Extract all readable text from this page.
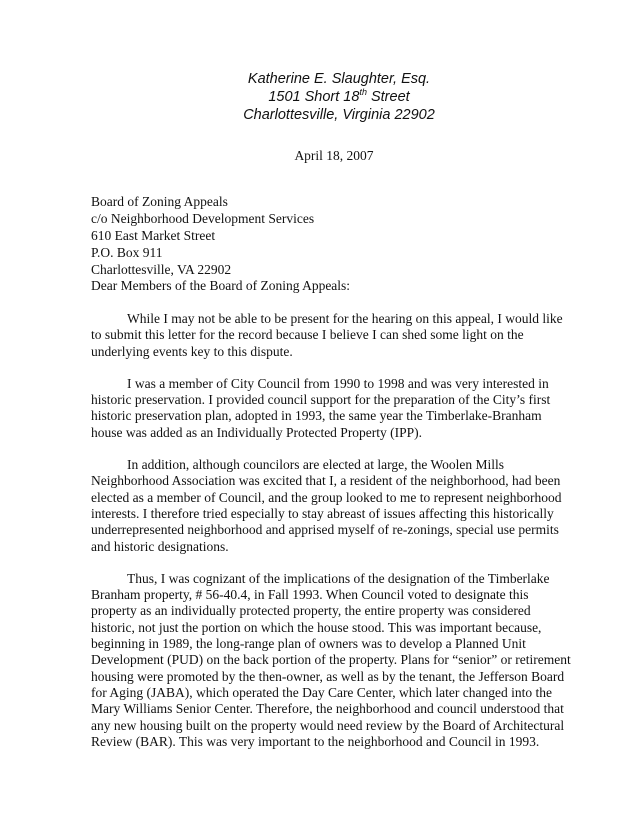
Katherine E. Slaughter, Esq.
1501 Short 18th Street
Charlottesville, Virginia 22902
April 18, 2007
Board of Zoning Appeals
c/o Neighborhood Development Services
610 East Market Street
P.O. Box 911
Charlottesville, VA 22902
Dear Members of the Board of Zoning Appeals:
While I may not be able to be present for the hearing on this appeal, I would like
to submit this letter for the record because I believe I can shed some light on the
underlying events key to this dispute.
I was a member of City Council from 1990 to 1998 and was very interested in
historic preservation. I provided council support for the preparation of the City’s first
historic preservation plan, adopted in 1993, the same year the Timberlake-Branham
house was added as an Individually Protected Property (IPP).
In addition, although councilors are elected at large, the Woolen Mills
Neighborhood Association was excited that I, a resident of the neighborhood, had been
elected as a member of Council, and the group looked to me to represent neighborhood
interests. I therefore tried especially to stay abreast of issues affecting this historically
underrepresented neighborhood and apprised myself of re-zonings, special use permits
and historic designations.
Thus, I was cognizant of the implications of the designation of the Timberlake
Branham property, # 56-40.4, in Fall 1993. When Council voted to designate this
property as an individually protected property, the entire property was considered
historic, not just the portion on which the house stood. This was important because,
beginning in 1989, the long-range plan of owners was to develop a Planned Unit
Development (PUD) on the back portion of the property. Plans for “senior” or retirement
housing were promoted by the then-owner, as well as by the tenant, the Jefferson Board
for Aging (JABA), which operated the Day Care Center, which later changed into the
Mary Williams Senior Center. Therefore, the neighborhood and council understood that
any new housing built on the property would need review by the Board of Architectural
Review (BAR). This was very important to the neighborhood and Council in 1993.
